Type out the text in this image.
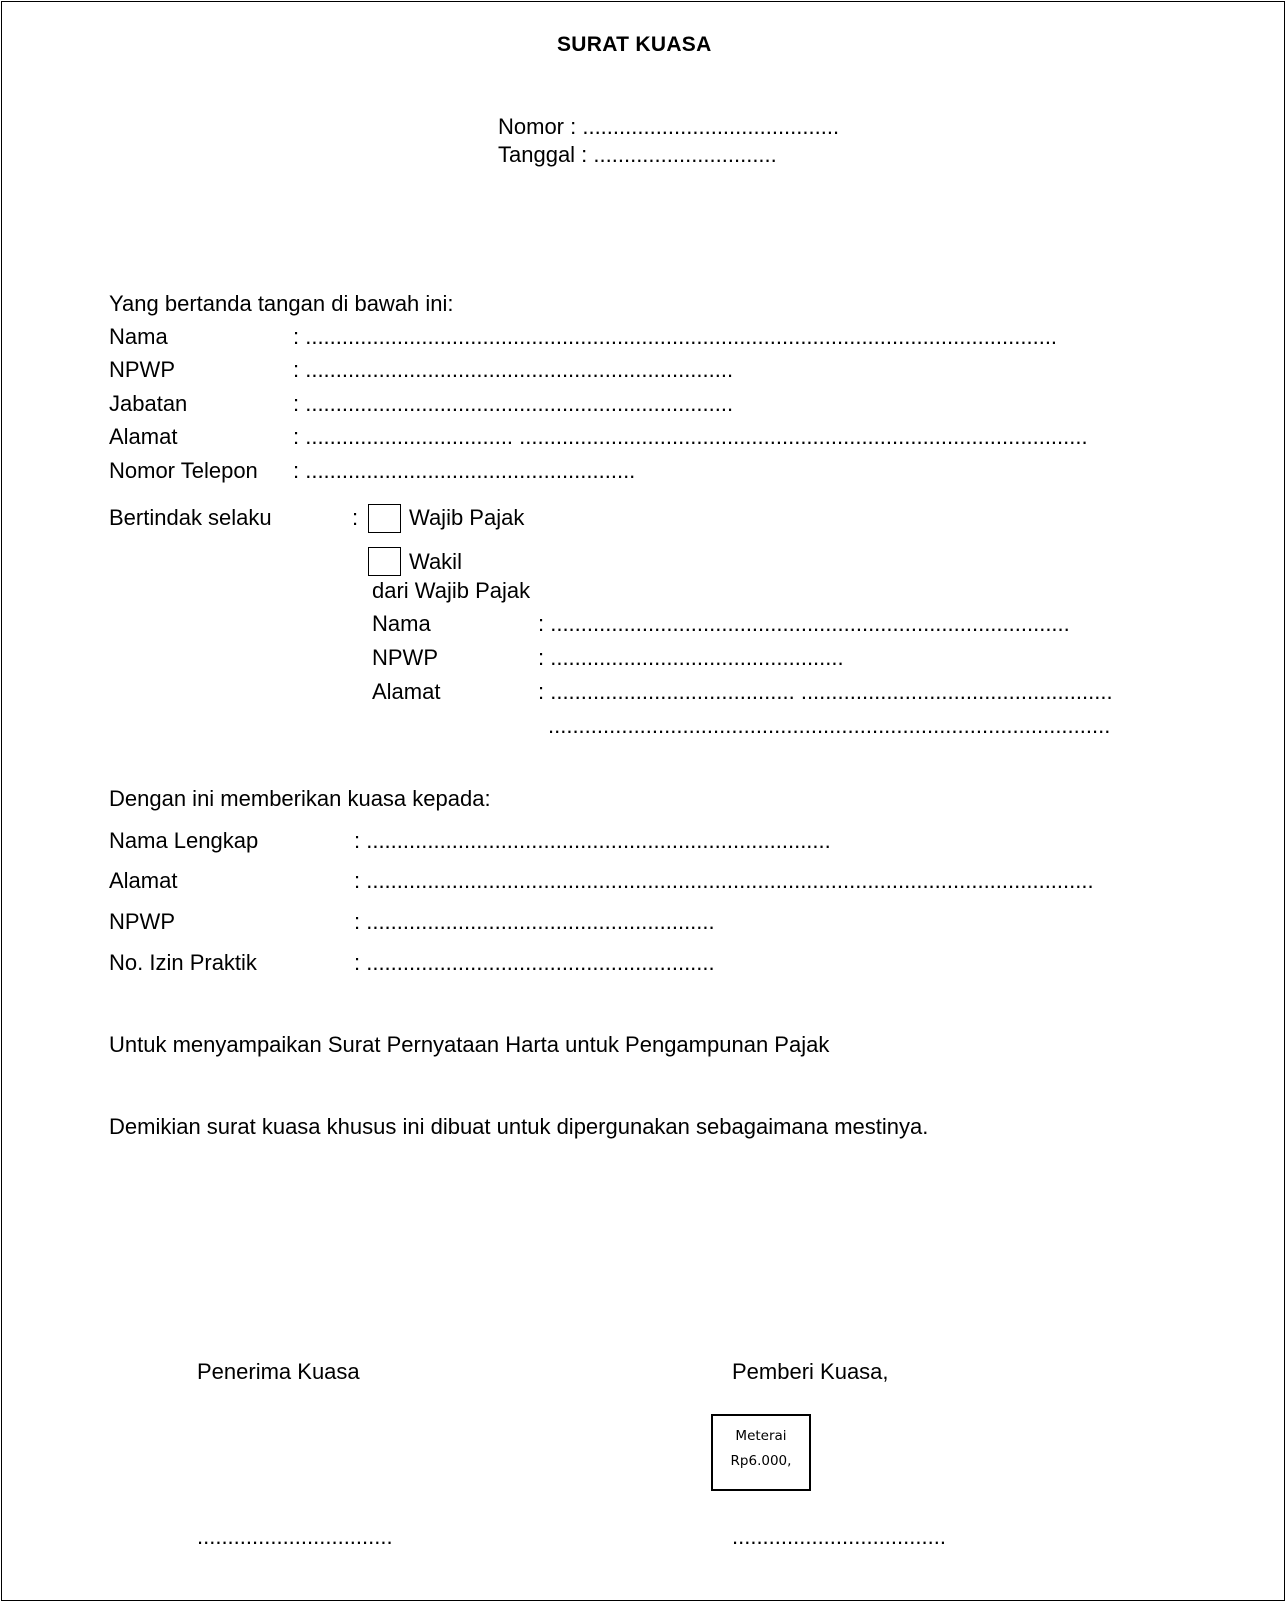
SURAT KUASA
Nomor : ..........................................
Tanggal : ..............................
Yang bertanda tangan di bawah ini:
Nama	: ...........................................................................................................................
NPWP	: ......................................................................
Jabatan	: ......................................................................
Alamat	: .................................. .............................................................................................
Nomor Telepon : ......................................................
Bertindak selaku	: Wajib Pajak
Wakil
dari Wajib Pajak
Nama	: .....................................................................................
NPWP	: ................................................
Alamat	: ........................................ ...................................................
............................................................................................
Dengan ini memberikan kuasa kepada:
Nama Lengkap	: ............................................................................
Alamat	: .......................................................................................................................
NPWP	: .........................................................
No. Izin Praktik	: .........................................................
Untuk menyampaikan Surat Pernyataan Harta untuk Pengampunan Pajak
Demikian surat kuasa khusus ini dibuat untuk dipergunakan sebagaimana mestinya.
Penerima Kuasa	Pemberi Kuasa,
Meterai
Rp6.000,
................................	...................................
